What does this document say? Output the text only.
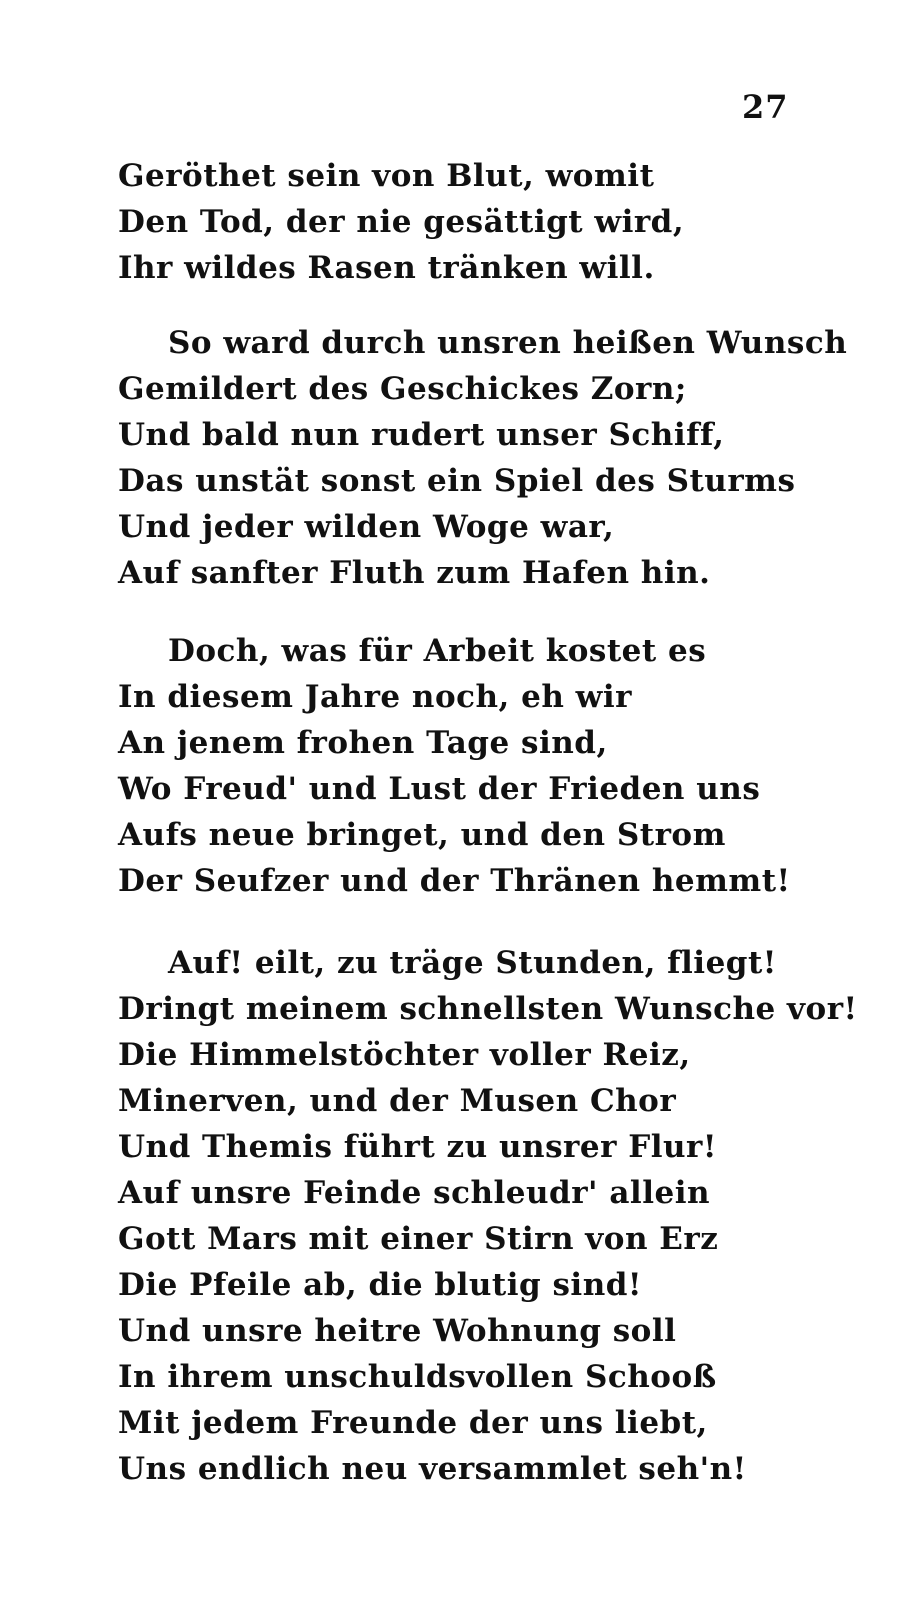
27
Geröthet sein von Blut, womit
Den Tod, der nie gesättigt wird,
Ihr wildes Rasen tränken will.
So ward durch unsren heißen Wunsch
Gemildert des Geschickes Zorn;
Und bald nun rudert unser Schiff,
Das unstät sonst ein Spiel des Sturms
Und jeder wilden Woge war,
Auf sanfter Fluth zum Hafen hin.
Doch, was für Arbeit kostet es
In diesem Jahre noch, eh wir
An jenem frohen Tage sind,
Wo Freud' und Lust der Frieden uns
Aufs neue bringet, und den Strom
Der Seufzer und der Thränen hemmt!
Auf! eilt, zu träge Stunden, fliegt!
Dringt meinem schnellsten Wunsche vor!
Die Himmelstöchter voller Reiz,
Minerven, und der Musen Chor
Und Themis führt zu unsrer Flur!
Auf unsre Feinde schleudr' allein
Gott Mars mit einer Stirn von Erz
Die Pfeile ab, die blutig sind!
Und unsre heitre Wohnung soll
In ihrem unschuldsvollen Schooß
Mit jedem Freunde der uns liebt,
Uns endlich neu versammlet seh'n!
